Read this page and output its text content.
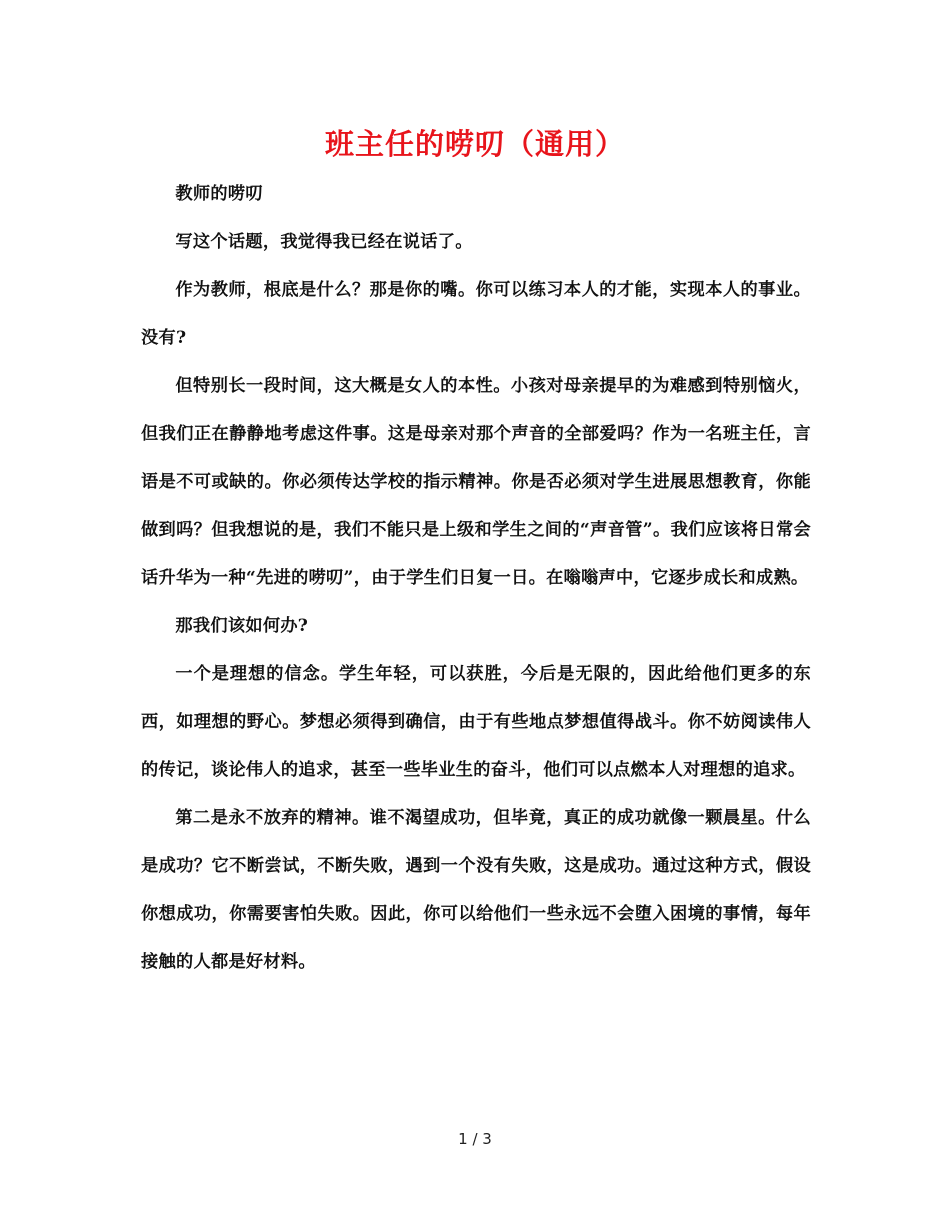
班主任的唠叨（通用）

教师的唠叨

写这个话题，我觉得我已经在说话了。

作为教师，根底是什么？那是你的嘴。你可以练习本人的才能，实现本人的事业。没有?

但特别长一段时间，这大概是女人的本性。小孩对母亲提早的为难感到特别恼火，但我们正在静静地考虑这件事。这是母亲对那个声音的全部爱吗？作为一名班主任，言语是不可或缺的。你必须传达学校的指示精神。你是否必须对学生进展思想教育，你能做到吗？但我想说的是，我们不能只是上级和学生之间的“声音管”。我们应该将日常会话升华为一种“先进的唠叨”，由于学生们日复一日。在嗡嗡声中，它逐步成长和成熟。

那我们该如何办?

一个是理想的信念。学生年轻，可以获胜，今后是无限的，因此给他们更多的东西，如理想的野心。梦想必须得到确信，由于有些地点梦想值得战斗。你不妨阅读伟人的传记，谈论伟人的追求，甚至一些毕业生的奋斗，他们可以点燃本人对理想的追求。

第二是永不放弃的精神。谁不渴望成功，但毕竟，真正的成功就像一颗晨星。什么是成功？它不断尝试，不断失败，遇到一个没有失败，这是成功。通过这种方式，假设你想成功，你需要害怕失败。因此，你可以给他们一些永远不会堕入困境的事情，每年接触的人都是好材料。

1 / 3
